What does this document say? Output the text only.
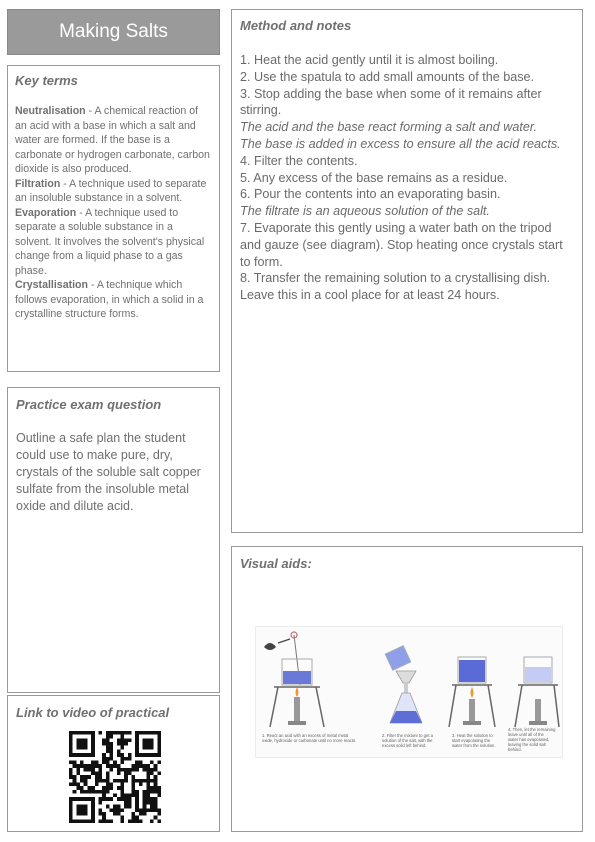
Making Salts
Key terms
Neutralisation - A chemical reaction of an acid with a base in which a salt and water are formed. If the base is a carbonate or hydrogen carbonate, carbon dioxide is also produced.
Filtration - A technique used to separate an insoluble substance in a solvent.
Evaporation - A technique used to separate a soluble substance in a solvent. It involves the solvent's physical change from a liquid phase to a gas phase.
Crystallisation - A technique which follows evaporation, in which a solid in a crystalline structure forms.
Practice exam question

Outline a safe plan the student could use to make pure, dry, crystals of the soluble salt copper sulfate from the insoluble metal oxide and dilute acid.

Link to video of practical
Method and notes
1. Heat the acid gently until it is almost boiling.
2. Use the spatula to add small amounts of the base.
3. Stop adding the base when some of it remains after stirring.
The acid and the base react forming a salt and water.
The base is added in excess to ensure all the acid reacts.
4. Filter the contents.
5. Any excess of the base remains as a residue.
6. Pour the contents into an evaporating basin.
The filtrate is an aqueous solution of the salt.
7. Evaporate this gently using a water bath on the tripod and gauze (see diagram). Stop heating once crystals start to form.
8. Transfer the remaining solution to a crystallising dish. Leave this in a cool place for at least 24 hours.
Visual aids:
1. React an acid with an excess of metal metal oxide, hydroxide or carbonate until no more reacts.
2. Filter the mixture to get a solution of the salt, with the excess solid left behind.
3. Heat the solution to start evaporating the water from the solution.
4. Then, let the remaining leave until all of the water has evaporated, leaving the solid salt behind.
